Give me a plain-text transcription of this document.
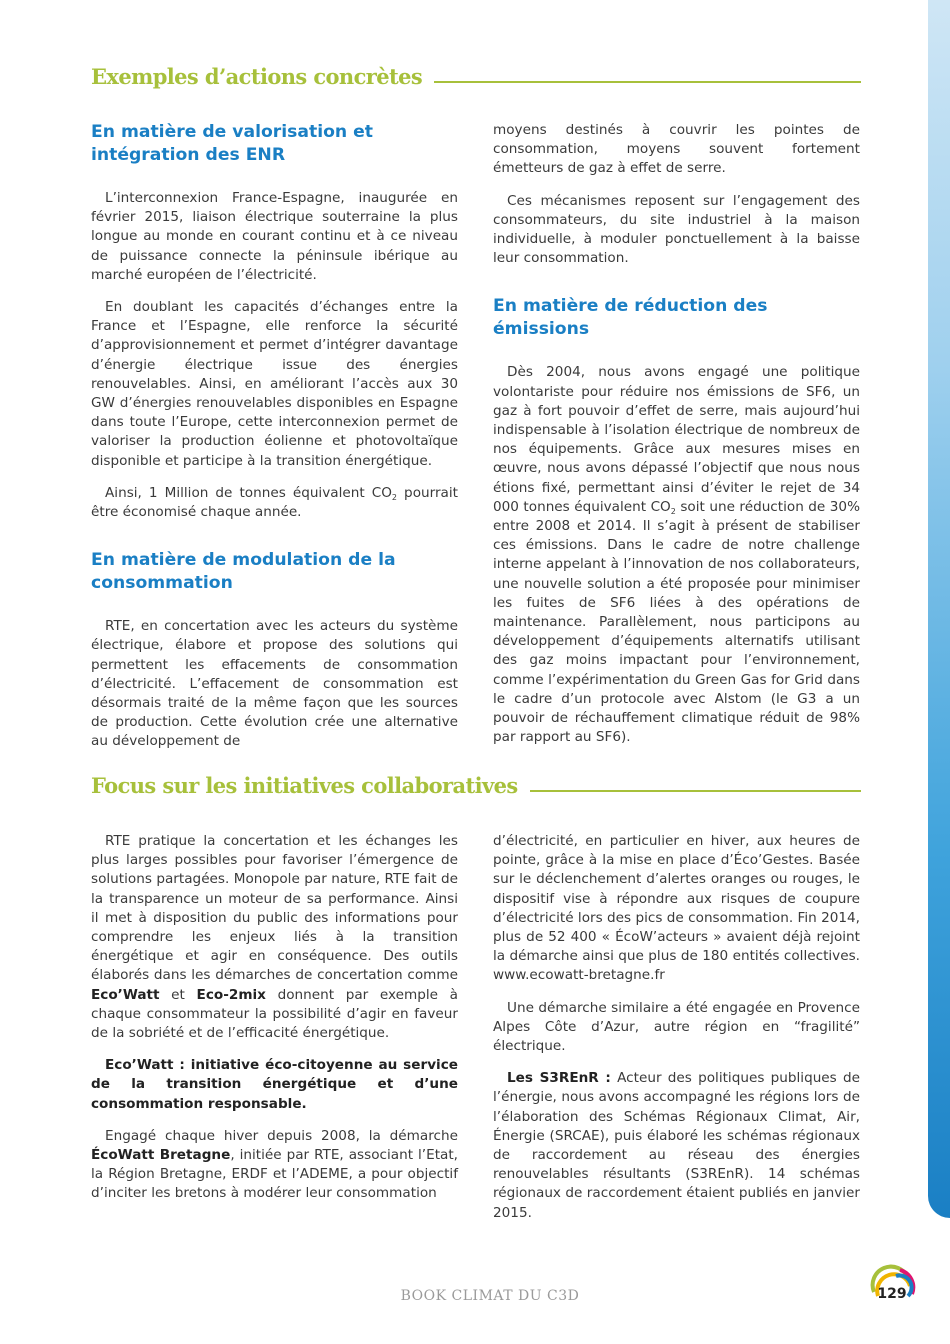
Exemples d’actions concrètes
En matière de valorisation et intégration des ENR

L’interconnexion France-Espagne, inaugurée en février 2015, liaison électrique souterraine la plus longue au monde en courant continu et à ce niveau de puissance connecte la péninsule ibérique au marché européen de l’électricité.

En doublant les capacités d’échanges entre la France et l’Espagne, elle renforce la sécurité d’approvisionnement et permet d’intégrer davantage d’énergie électrique issue des énergies renouvelables. Ainsi, en améliorant l’accès aux 30 GW d’énergies renouvelables disponibles en Espagne dans toute l’Europe, cette interconnexion permet de valoriser la production éolienne et photovoltaïque disponible et participe à la transition énergétique.

Ainsi, 1 Million de tonnes équivalent $CO_2$ pourrait être économisé chaque année.

En matière de modulation de la consommation

RTE, en concertation avec les acteurs du système électrique, élabore et propose des solutions qui permettent les effacements de consommation d’électricité. L’effacement de consommation est désormais traité de la même façon que les sources de production. Cette évolution crée une alternative au développement de

moyens destinés à couvrir les pointes de consommation, moyens souvent fortement émetteurs de gaz à effet de serre.

Ces mécanismes reposent sur l’engagement des consommateurs, du site industriel à la maison individuelle, à moduler ponctuellement à la baisse leur consommation.

En matière de réduction des émissions

Dès 2004, nous avons engagé une politique volontariste pour réduire nos émissions de SF6, un gaz à fort pouvoir d’effet de serre, mais aujourd’hui indispensable à l’isolation électrique de nombreux de nos équipements. Grâce aux mesures mises en œuvre, nous avons dépassé l’objectif que nous nous étions fixé, permettant ainsi d’éviter le rejet de 34 000 tonnes équivalent $CO_2$ soit une réduction de 30% entre 2008 et 2014. Il s’agit à présent de stabiliser ces émissions. Dans le cadre de notre challenge interne appelant à l’innovation de nos collaborateurs, une nouvelle solution a été proposée pour minimiser les fuites de SF6 liées à des opérations de maintenance. Parallèlement, nous participons au développement d’équipements alternatifs utilisant des gaz moins impactant pour l’environnement, comme l’expérimentation du Green Gas for Grid dans le cadre d’un protocole avec Alstom (le G3 a un pouvoir de réchauffement climatique réduit de 98% par rapport au SF6).

Focus sur les initiatives collaboratives

RTE pratique la concertation et les échanges les plus larges possibles pour favoriser l’émergence de solutions partagées. Monopole par nature, RTE fait de la transparence un moteur de sa performance. Ainsi il met à disposition du public des informations pour comprendre les enjeux liés à la transition énergétique et agir en conséquence. Des outils élaborés dans les démarches de concertation comme Eco’Watt et Eco-2mix donnent par exemple à chaque consommateur la possibilité d’agir en faveur de la sobriété et de l’efficacité énergétique.

Eco’Watt : initiative éco-citoyenne au service de la transition énergétique et d’une consommation responsable.

Engagé chaque hiver depuis 2008, la démarche ÉcoWatt Bretagne, initiée par RTE, associant l’Etat, la Région Bretagne, ERDF et l’ADEME, a pour objectif d’inciter les bretons à modérer leur consommation

d’électricité, en particulier en hiver, aux heures de pointe, grâce à la mise en place d’Éco’Gestes. Basée sur le déclenchement d’alertes oranges ou rouges, le dispositif vise à répondre aux risques de coupure d’électricité lors des pics de consommation. Fin 2014, plus de 52 400 « ÉcoW’acteurs » avaient déjà rejoint la démarche ainsi que plus de 180 entités collectives. www.ecowatt-bretagne.fr

Une démarche similaire a été engagée en Provence Alpes Côte d’Azur, autre région en “fragilité” électrique.

Les S3REnR : Acteur des politiques publiques de l’énergie, nous avons accompagné les régions lors de l’élaboration des Schémas Régionaux Climat, Air, Énergie (SRCAE), puis élaboré les schémas régionaux de raccordement au réseau des énergies renouvelables résultants (S3REnR). 14 schémas régionaux de raccordement étaient publiés en janvier 2015.

BOOK CLIMAT DU C3D	129
